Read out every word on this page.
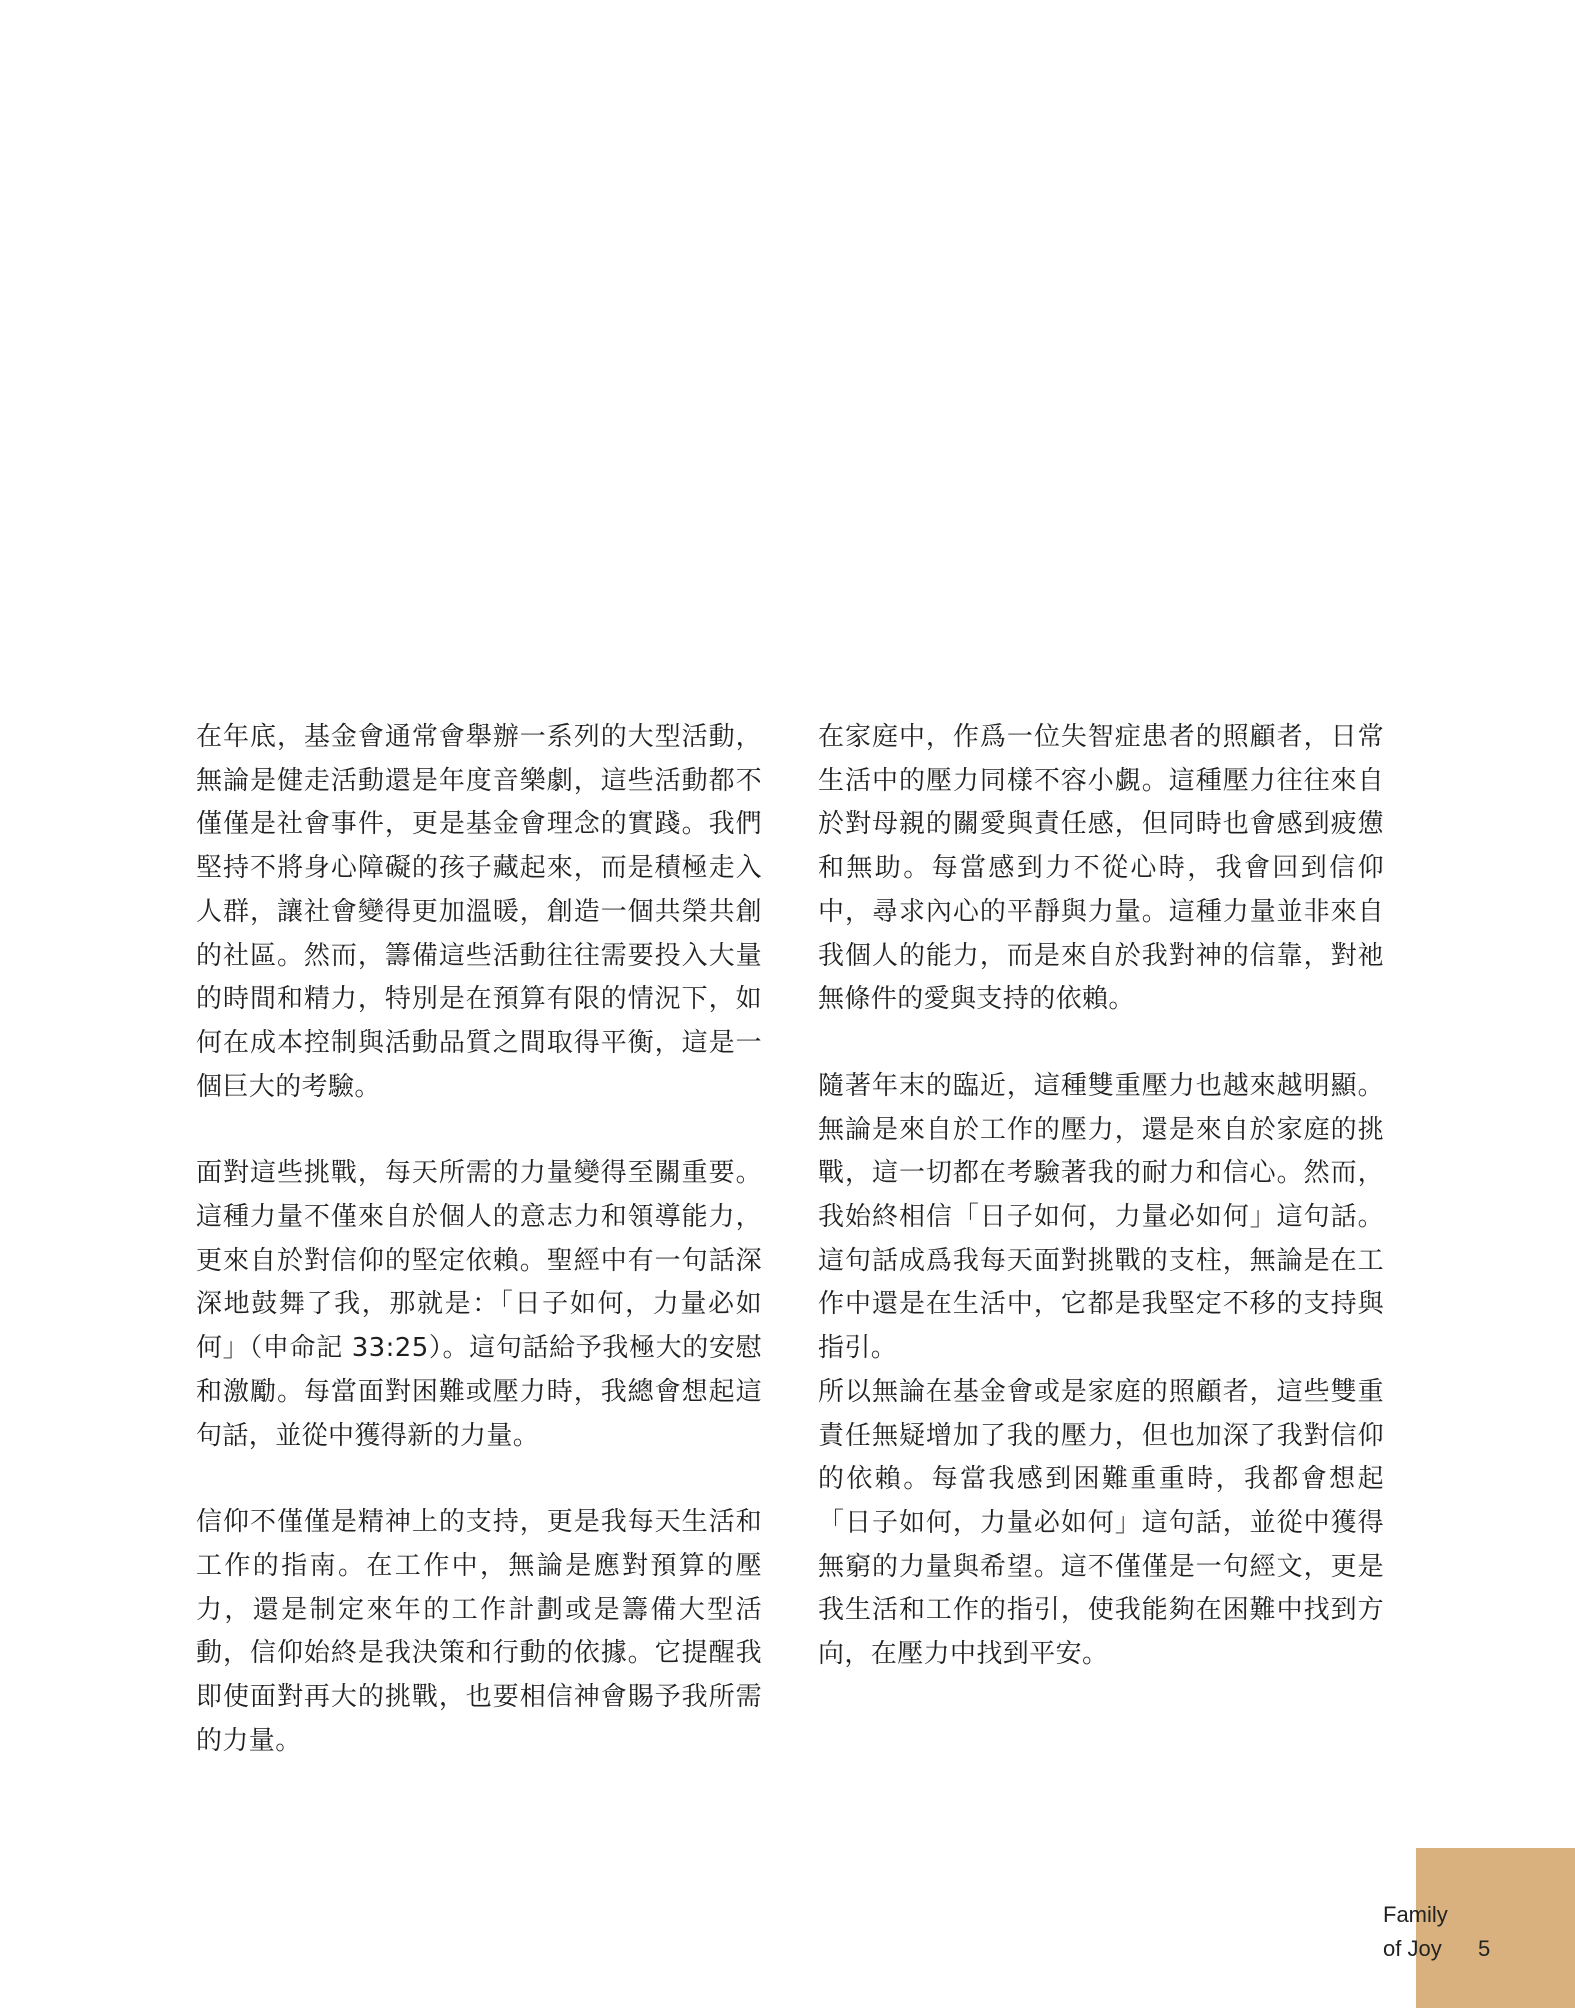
在年底，基金會通常會舉辦一系列的大型活動，無論是健走活動還是年度音樂劇，這些活動都不僅僅是社會事件，更是基金會理念的實踐。我們堅持不將身心障礙的孩子藏起來，而是積極走入人群，讓社會變得更加溫暖，創造一個共榮共創的社區。然而，籌備這些活動往往需要投入大量的時間和精力，特別是在預算有限的情況下，如何在成本控制與活動品質之間取得平衡，這是一個巨大的考驗。

面對這些挑戰，每天所需的力量變得至關重要。這種力量不僅來自於個人的意志力和領導能力，更來自於對信仰的堅定依賴。聖經中有一句話深深地鼓舞了我，那就是：「日子如何，力量必如何」（申命記 33:25）。這句話給予我極大的安慰和激勵。每當面對困難或壓力時，我總會想起這句話，並從中獲得新的力量。

信仰不僅僅是精神上的支持，更是我每天生活和工作的指南。在工作中，無論是應對預算的壓力，還是制定來年的工作計劃或是籌備大型活動，信仰始終是我決策和行動的依據。它提醒我即使面對再大的挑戰，也要相信神會賜予我所需的力量。

在家庭中，作爲一位失智症患者的照顧者，日常生活中的壓力同樣不容小覷。這種壓力往往來自於對母親的關愛與責任感，但同時也會感到疲憊和無助。每當感到力不從心時，我會回到信仰中，尋求內心的平靜與力量。這種力量並非來自我個人的能力，而是來自於我對神的信靠，對祂無條件的愛與支持的依賴。

隨著年末的臨近，這種雙重壓力也越來越明顯。無論是來自於工作的壓力，還是來自於家庭的挑戰，這一切都在考驗著我的耐力和信心。然而，我始終相信「日子如何，力量必如何」這句話。這句話成爲我每天面對挑戰的支柱，無論是在工作中還是在生活中，它都是我堅定不移的支持與指引。

所以無論在基金會或是家庭的照顧者，這些雙重責任無疑增加了我的壓力，但也加深了我對信仰的依賴。每當我感到困難重重時，我都會想起「日子如何，力量必如何」這句話，並從中獲得無窮的力量與希望。這不僅僅是一句經文，更是我生活和工作的指引，使我能夠在困難中找到方向，在壓力中找到平安。

Family
of Joy 5
